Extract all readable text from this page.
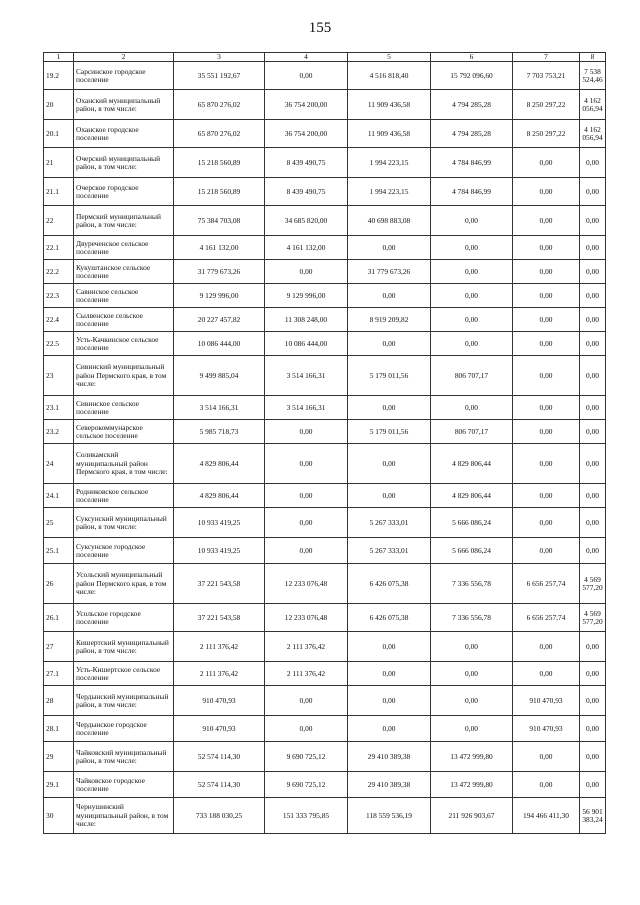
155
1	2	3	4	5	6	7	8
19.2	Сарсинское городское поселение	35 551 192,67	0,00	4 516 818,40	15 792 096,60	7 703 753,21	7 538 524,46
20	Оханский муниципальный район, в том числе:	65 870 276,02	36 754 200,00	11 909 436,58	4 794 285,28	8 250 297,22	4 162 056,94
20.1	Оханское городское поселение	65 870 276,02	36 754 200,00	11 909 436,58	4 794 285,28	8 250 297,22	4 162 056,94
21	Очерский муниципальный район, в том числе:	15 218 560,89	8 439 490,75	1 994 223,15	4 784 846,99	0,00	0,00
21.1	Очерское городское поселение	15 218 560,89	8 439 490,75	1 994 223,15	4 784 846,99	0,00	0,00
22	Пермский муниципальный район, в том числе:	75 384 703,08	34 685 820,00	40 698 883,08	0,00	0,00	0,00
22.1	Двуреченское сельское поселение	4 161 132,00	4 161 132,00	0,00	0,00	0,00	0,00
22.2	Кукуштанское сельское поселение	31 779 673,26	0,00	31 779 673,26	0,00	0,00	0,00
22.3	Савинское сельское поселение	9 129 996,00	9 129 996,00	0,00	0,00	0,00	0,00
22.4	Сылвенское сельское поселение	20 227 457,82	11 308 248,00	8 919 209,82	0,00	0,00	0,00
22.5	Усть-Качкинское сельское поселение	10 086 444,00	10 086 444,00	0,00	0,00	0,00	0,00
23	Сивинский муниципальный район Пермского края, в том числе:	9 499 885,04	3 514 166,31	5 179 011,56	806 707,17	0,00	0,00
23.1	Сивинское сельское поселение	3 514 166,31	3 514 166,31	0,00	0,00	0,00	0,00
23.2	Северокоммунарское сельское поселение	5 985 718,73	0,00	5 179 011,56	806 707,17	0,00	0,00
24	Соликамский муниципальный район Пермского края, в том числе:	4 829 806,44	0,00	0,00	4 829 806,44	0,00	0,00
24.1	Родниковское сельское поселение	4 829 806,44	0,00	0,00	4 829 806,44	0,00	0,00
25	Суксунский муниципальный район, в том числе:	10 933 419,25	0,00	5 267 333,01	5 666 086,24	0,00	0,00
25.1	Суксунское городское поселение	10 933 419,25	0,00	5 267 333,01	5 666 086,24	0,00	0,00
26	Усольский муниципальный район Пермского края, в том числе:	37 221 543,58	12 233 076,48	6 426 075,38	7 336 556,78	6 656 257,74	4 569 577,20
26.1	Усольское городское поселение	37 221 543,58	12 233 076,48	6 426 075,38	7 336 556,78	6 656 257,74	4 569 577,20
27	Кишертский муниципальный район, в том числе:	2 111 376,42	2 111 376,42	0,00	0,00	0,00	0,00
27.1	Усть-Кишертское сельское поселение	2 111 376,42	2 111 376,42	0,00	0,00	0,00	0,00
28	Чердынский муниципальный район, в том числе:	910 470,93	0,00	0,00	0,00	910 470,93	0,00
28.1	Чердынское городское поселение	910 470,93	0,00	0,00	0,00	910 470,93	0,00
29	Чайковский муниципальный район, в том числе:	52 574 114,30	9 690 725,12	29 410 389,38	13 472 999,80	0,00	0,00
29.1	Чайковское городское поселение	52 574 114,30	9 690 725,12	29 410 389,38	13 472 999,80	0,00	0,00
30	Чернушинский муниципальный район, в том числе:	733 188 030,25	151 333 795,85	118 559 536,19	211 926 903,67	194 466 411,30	56 901 383,24
